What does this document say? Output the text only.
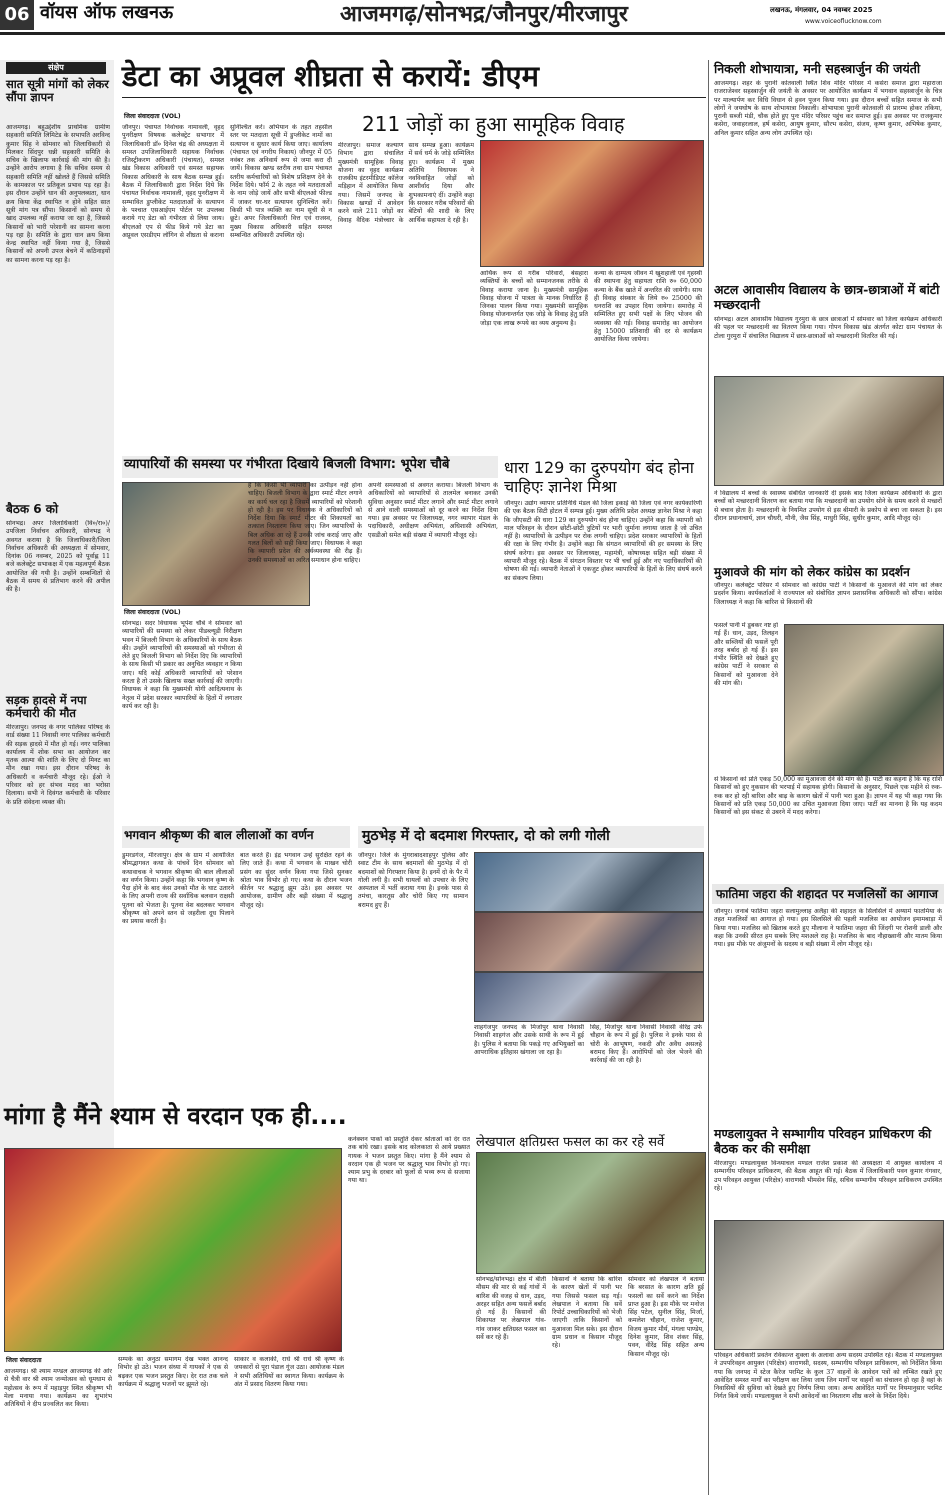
06 वॉयस ऑफ लखनऊ	आजमगढ़/सोनभद्र/जौनपुर/मीरजापुर	लखनऊ, मंगलवार, 04 नवम्बर 2025
www.voiceoflucknow.com
संक्षेप
सात सूत्री मांगों को लेकर सौंपा ज्ञापन
आजमगढ़। बहुउद्देशीय प्राथमिक ग्रामीण सहकारी समिति लिमिटेड के सभापति अरविन्द कुमार सिंह ने सोमवार को जिलाधिकारी से मिलकर सिंदपुर धन्नी सहकारी समिति के सचिव के खिलाफ कार्रवाई की मांग की है। उन्होंने आरोप लगाया है कि सचिव समय से सहकारी समिति नहीं खोलते हैं जिससे समिति के कामकाज पर प्रतिकूल प्रभाव पड़ रहा है। इस दौरान उन्होंने धान की अनुपलब्धता, धान क्रय किया केंद्र स्थापित न होने सहित सात सूत्री मांग पत्र सौंपा। किसानों को समय से खाद उपलब्ध नहीं कराया जा रहा है, जिससे किसानों को भारी परेशानी का सामना करना पड़ रहा है। समिति के द्वारा धान क्रय किया केन्द्र स्थापित नहीं किया गया है, जिससे किसानों को अपनी उपज बेचने में कठिनाइयों का सामना करना पड़ रहा है।
बैठक 6 को
सोनभद्र। अपर जिलाधिकारी (वि०/रा०)/उपजिला निर्वाचन अधिकारी, सोनभद्र ने अवगत कराया है कि जिलाधिकारी/जिला निर्वाचन अधिकारी की अध्यक्षता में सोमवार, दिनांक 06 नवम्बर, 2025 को पूर्वाह्न 11 बजे कलेक्ट्रेट सभाकक्ष में एक महत्वपूर्ण बैठक आयोजित की गयी है। उन्होंने सम्बन्धितों से बैठक में समय से प्रतिभाग करने की अपील की है।
सड़क हादसे में नपा कर्मचारी की मौत
मीरजापुर। जनपद के नगर पालिका परिषद के वार्ड संख्या 11 निवासी नगर पालिका कर्मचारी की सड़क हादसे में मौत हो गई। नगर पालिका कार्यालय में शोक सभा का आयोजन कर मृतक आत्मा की शांति के लिए दो मिनट का मौन रखा गया। इस दौरान परिषद के अधिकारी व कर्मचारी मौजूद रहे। ईओ ने परिवार को हर संभव मदद का भरोसा दिलाया। सभी ने दिवंगत कर्मचारी के परिवार के प्रति संवेदना व्यक्त की।
डेटा का अप्रूवल शीघ्रता से करायें: डीएम
जिला संवाददाता (VOL)
जौनपुर। पंचायत निर्वाचक नामावली, वृहद पुनरीक्षण विषयक कलेक्ट्रेट सभागार में जिलाधिकारी डॉ० दिनेश चंद्र की अध्यक्षता में समस्त उपजिलाधिकारी सहायक निर्वाचक रजिस्ट्रीकरण अधिकारी (पंचायत), समस्त खंड विकास अधिकारी एवं समस्त सहायक विकास अधिकारी के साथ बैठक सम्पन्न हुई। बैठक में जिलाधिकारी द्वारा निर्देश दिये कि पंचायत निर्वाचक नामावली, वृहद पुनरीक्षण में सम्भावित डुप्लीकेट मतदाताओं के सत्यापन के पश्चात एसआईएम पोर्टल पर उपलब्ध कराये गए डेटा को गंभीरता से लिया जाय। बीएलओ एप से फीड किये गये डेटा का अप्रूवल एसडीएम लॉगिन से शीघ्रता से कराना सुनिश्चित करें। अभियान के तहत तहसील स्तर पर मतदाता सूची में डुप्लीकेट नामों का सत्यापन व सुधार कार्य किया जाए। कार्यालय (पंचायत एवं नगरीय निकाय) जौनपुर में 05 नवंबर तक अनिवार्य रूप से जमा करा दी जायें। विकास खण्ड स्तरीय तथा ग्राम पंचायत स्तरीय कर्मचारियों को विशेष प्रशिक्षण देने के निर्देश दिये। फॉर्म 2 के तहत नये मतदाताओं के नाम जोड़े जायें और सभी बीएलओ फील्ड में जाकर घर-घर सत्यापन सुनिश्चित करें। किसी भी पात्र व्यक्ति का नाम सूची से न छूटे। अपर जिलाधिकारी वित्त एवं राजस्व, मुख्य विकास अधिकारी सहित समस्त सम्बन्धित अधिकारी उपस्थित रहे।
211 जोड़ों का हुआ सामूहिक विवाह
मीरजापुर। समाज कल्याण विभाग द्वारा संचालित मुख्यमंत्री सामूहिक विवाह योजना का वृहद कार्यक्रम राजकीय इंटरमीडिएट कॉलेज मड़िहान में आयोजित किया गया। जिसमें जनपद के विकास खण्डों में आवेदन करने वाले 211 जोड़ों का विवाह वैदिक मंत्रोच्चार के साथ सम्पन्न हुआ। कार्यक्रम में सर्व धर्म के जोड़े सम्मिलित हुए। कार्यक्रम में मुख्य अतिथि विधायक ने नवविवाहित जोड़ों को आशीर्वाद दिया और शुभकामनाएं दीं। उन्होंने कहा कि सरकार गरीब परिवारों की बेटियों की शादी के लिए आर्थिक सहायता दे रही है।
आर्थिक रूप से गरीब परिवारों, बेसहारा व्यक्तियों के बच्चों को सम्मानजनक तरीके से विवाह कराया जाना है। मुख्यमंत्री सामूहिक विवाह योजना में पात्रता के मानक निर्धारित हैं जिनका पालन किया गया। मुख्यमंत्री सामूहिक विवाह योजनान्तर्गत एक जोड़े के विवाह हेतु प्रति जोड़ा एक लाख रूपये का व्यय अनुमन्य है।
कन्या के दाम्पत्य जीवन में खुशहाली एवं गृहस्थी की स्थापना हेतु सहायता राशि रु० 60,000 कन्या के बैंक खाते में अन्तरित की जायेगी। साथ ही विवाह संस्कार के लिये रु० 25000 की धनराशि का उपहार दिया जायेगा। समारोह में सम्मिलित हुए सभी पक्षों के लिए भोजन की व्यवस्था की गई। विवाह समारोह का आयोजन हेतु 15000 प्रतिशादी की दर से कार्यक्रम आयोजित किया जायेगा।
निकली शोभायात्रा, मनी सहस्त्रार्जुन की जयंती
आजमगढ़। शहर के पुरानी कोतवाली स्थित शिव मंदिर परिसर में कसेरा समाज द्वारा महाराजा राजराजेश्वर सहस्त्रार्जुन की जयंती के अवसर पर आयोजित कार्यक्रम में भगवान सहस्त्रार्जुन के चित्र पर माल्यार्पण कर विधि विधान से हवन पूजन किया गया। इस दौरान बच्चों सहित समाज के सभी लोगों ने जयघोष के साथ शोभायात्रा निकाली। शोभायात्रा पुरानी कोतवाली से प्रारम्भ होकर तकिया, पुरानी सब्जी मंडी, चौक होते हुए पुनः मंदिर परिसर पहुंच कर समाप्त हुई। इस अवसर पर राजकुमार कसेरा, जवाहरलाल, हर्ष कसेरा, आयुष कुमार, सौरभ कसेरा, संजय, कृष्ण कुमार, अभिषेक कुमार, अनिल कुमार सहित अन्य लोग उपस्थित रहे।
अटल आवासीय विद्यालय के छात्र-छात्राओं में बांटी मच्छरदानी
सोनभद्र। अटल आवासीय विद्यालय गुरमुरा के छात्र छात्राओं में सोमवार को जिला कार्यक्रम अधिकारी की पहल पर मच्छरदानी का वितरण किया गया। गोपन विकास खंड अंतर्गत कोटा ग्राम पंचायत के टोला गुरमुरा में संचालित विद्यालय में छात्र-छात्राओं को मच्छरदानी वितरित की गई।
ने विद्यालय में बच्चों के स्वास्थ्य संबंधित जानकारी दी इसके बाद जिला कार्यक्रम अधिकारी के द्वारा बच्चों को मच्छरदानी वितरण कर बताया गया कि मच्छरदानी का उपयोग सोने के समय करने से मच्छरों से बचाव होता है। मच्छरदानी के नियमित उपयोग से इस बीमारी के प्रकोप से बचा जा सकता है। इस दौरान प्रधानाचार्य, ज्ञान चौधरी, मौनी, जैस सिंह, माधुरी सिंह, सुधीर कुमार, आदि मौजूद रहे।
मुआवजे की मांग को लेकर कांग्रेस का प्रदर्शन
जौनपुर। कलेक्ट्रेट परिसर में सोमवार को कांग्रेस पार्टी ने किसानों के मुआवजे की मांग को लेकर प्रदर्शन किया। कार्यकर्ताओं ने राज्यपाल को संबोधित ज्ञापन प्रशासनिक अधिकारी को सौंपा। कांग्रेस जिलाध्यक्ष ने कहा कि बारिश से किसानों की
फसलें पानी में डूबकर नष्ट हो गई हैं। धान, उड़द, तिलहन और सब्जियों की फसलें पूरी तरह बर्बाद हो गई हैं। इस गंभीर स्थिति को देखते हुए कांग्रेस पार्टी ने सरकार से किसानों को मुआवजा देने की मांग की।
से किसानों को प्रति एकड़ 50,000 का मुआवजा देने की मांग की है। पार्टी का कहना है कि यह राशि किसानों को हुए नुकसान की भरपाई में सहायक होगी। किसानों के अनुसार, पिछले एक महीने से रुक-रुक कर हो रही बारिश और बाढ़ के कारण खेतों में पानी भरा हुआ है। ज्ञापन में यह भी कहा गया कि किसानों को प्रति एकड़ 50,000 का उचित मुआवजा दिया जाए। पार्टी का मानना है कि यह कदम किसानों को इस संकट से उबरने में मदद करेगा।
फातिमा जहरा की शहादत पर मजलिसों का आगाज
जौनपुर। जनाबे फातिमा जहरा सलामुल्लाह अलैहा की शहादत के सिलसिले में अय्यामे फातमिया के तहत मजलिसों का आगाज हो गया। इस सिलसिले की पहली मजलिस का आयोजन इमामबाड़ा में किया गया। मजलिस को खिताब करते हुए मौलाना ने फातिमा जहरा की जिंदगी पर रोशनी डाली और कहा कि उनकी सीरत हम सबके लिए मशअले राह है। मजलिस के बाद नौहाख्वानी और मातम किया गया। इस मौके पर अंजुमनों के सदस्य व बड़ी संख्या में लोग मौजूद रहे।
मण्डलायुक्त ने सम्भागीय परिवहन प्राधिकरण की बैठक कर की समीक्षा
मीरजापुर। मण्डलायुक्त विन्ध्याचल मण्डल राजेश प्रकाश की अध्यक्षता में आयुक्त कार्यालय में सम्भागीय परिवहन प्राधिकरण, की बैठक आहूत की गई। बैठक में जिलाधिकारी पवन कुमार गंगवार, उप परिवहन आयुक्त (परिक्षेत्र) वाराणसी भीमसेन सिंह, सचिव सम्भागीय परिवहन प्राधिकरण उपस्थित रहे।
परिवहन अधिकारी प्रवर्तन रविकान्त शुक्ला के अलावा अन्य सदस्य उपस्थित रहे। बैठक में मण्डलायुक्त ने उपपरिवहन आयुक्त (परिक्षेत्र) वाराणसी, सदस्य, सम्भागीय परिवहन प्राधिकरण, को निर्देशित किया गया कि जनपद में स्टेज कैरेज परमिट के कुल 37 वाहनों के आवेदन पत्रों को लम्बित रखते हुए आवेदित समस्त मार्गों का परीक्षण कर लिया जाय जिन मार्गों पर वाहनों का संचालन हो रहा है वहां के निवासियों की सुविधा को देखते हुए निर्णय लिया जाय। अन्य आवेदित मार्गों पर नियमानुसार परमिट निर्गत किये जायें। मण्डलायुक्त ने सभी आवेदनों का निस्तारण शीघ्र करने के निर्देश दिये।
व्यापारियों की समस्या पर गंभीरता दिखाये बिजली विभाग: भूपेश चौबे
जिला संवाददाता (VOL)
सोनभद्र। सदर विधायक भूपेश चौबे ने सोमवार को व्यापारियों की समस्या को लेकर पीडब्ल्यूडी निरीक्षण भवन में बिजली विभाग के अधिकारियों के साथ बैठक की। उन्होंने व्यापारियों की समस्याओं को गंभीरता से लेते हुए बिजली विभाग को निर्देश दिए कि व्यापारियों के साथ किसी भी प्रकार का अनुचित व्यवहार न किया जाए। यदि कोई अधिकारी व्यापारियों को परेशान करता है तो उसके खिलाफ सख्त कार्रवाई की जाएगी। विधायक ने कहा कि मुख्यमंत्री योगी आदित्यनाथ के नेतृत्व में प्रदेश सरकार व्यापारियों के हितों में लगातार कार्य कर रही है।
है कि किसी भी व्यापारी का उत्पीड़न नहीं होना चाहिए। बिजली विभाग के द्वारा स्मार्ट मीटर लगाने का कार्य चल रहा है जिसमें व्यापारियों को परेशानी हो रही है। इस पर विधायक ने अधिकारियों को निर्देश दिया कि स्मार्ट मीटर की शिकायतों का तत्काल निस्तारण किया जाए। जिन व्यापारियों के बिल अधिक आ रहे हैं उनकी जांच कराई जाए और गलत बिलों को सही किया जाए। विधायक ने कहा कि व्यापारी प्रदेश की अर्थव्यवस्था की रीढ़ हैं। उनकी समस्याओं का त्वरित समाधान होना चाहिए।
अपनी समस्याओं से अवगत कराया। बिजली विभाग के अधिकारियों को व्यापारियों से तालमेल बनाकर उनकी सुविधा अनुसार स्मार्ट मीटर लगाने और स्मार्ट मीटर लगाने से आने वाली समस्याओं को दूर करने का निर्देश दिया गया। इस अवसर पर जिलाध्यक्ष, नगर व्यापार मंडल के पदाधिकारी, अधीक्षण अभियंता, अधिशासी अभियंता, एसडीओ समेत बड़ी संख्या में व्यापारी मौजूद रहे।
धारा 129 का दुरुपयोग बंद होना चाहिएः ज्ञानेश मिश्रा
जौनपुर। उद्योग व्यापार प्रतिनिधि मंडल की जिला इकाई की जिला एवं नगर कार्यकारिणी की एक बैठक सिटी होटल में सम्पन्न हुई। मुख्य अतिथि प्रदेश अध्यक्ष ज्ञानेश मिश्रा ने कहा कि जीएसटी की धारा 129 का दुरुपयोग बंद होना चाहिए। उन्होंने कहा कि व्यापारी को माल परिवहन के दौरान छोटी-छोटी त्रुटियों पर भारी जुर्माना लगाया जाता है जो उचित नहीं है। व्यापारियों के उत्पीड़न पर रोक लगनी चाहिए। प्रदेश सरकार व्यापारियों के हितों की रक्षा के लिए गंभीर है। उन्होंने कहा कि संगठन व्यापारियों की हर समस्या के लिए संघर्ष करेगा। इस अवसर पर जिलाध्यक्ष, महामंत्री, कोषाध्यक्ष सहित बड़ी संख्या में व्यापारी मौजूद रहे। बैठक में संगठन विस्तार पर भी चर्चा हुई और नए पदाधिकारियों की घोषणा की गई। व्यापारी नेताओं ने एकजुट होकर व्यापारियों के हितों के लिए संघर्ष करने का संकल्प लिया।
भगवान श्रीकृष्ण की बाल लीलाओं का वर्णन
डुमरडगंज, मीरजापुर। क्षेत्र के ग्राम में आयोजित श्रीमद्भागवत कथा के पांचवें दिन सोमवार को कथावाचक ने भगवान श्रीकृष्ण की बाल लीलाओं का वर्णन किया। उन्होंने कहा कि भगवान कृष्ण के पैदा होने के बाद कंस उनको मौत के घाट उतारने के लिए अपनी राज्य की सर्वाधिक बलवान राक्षसी पूतना को भेजता है। पूतना वेश बदलकर भगवान श्रीकृष्ण को अपने स्तन से जहरीला दूध पिलाने का प्रयास करती है।
बात करते हैं। इंद्र भगवान उन्हें सुरक्षित रहने के लिए जाते हैं। कथा में भगवान के माखन चोरी प्रसंग का सुंदर वर्णन किया गया जिसे सुनकर श्रोता भाव विभोर हो गए। कथा के दौरान भजन कीर्तन पर श्रद्धालु झूम उठे। इस अवसर पर आयोजक, ग्रामीण और बड़ी संख्या में श्रद्धालु मौजूद रहे।
मुठभेड़ में दो बदमाश गिरफ्तार, दो को लगी गोली
जौनपुर। जिले के मुंगराबादशाहपुर पुलिस और स्वाट टीम के साथ बदमाशों की मुठभेड़ में दो बदमाशों को गिरफ्तार किया है। इनमें दो के पैर में गोली लगी है। सभी घायलों को उपचार के लिए अस्पताल में भर्ती कराया गया है। इनके पास से तमंचा, कारतूस और चोरी किए गए सामान बरामद हुए हैं।
शाहगंजपुर जनपद के मिर्जापुर थाना निवासी निवासी शाहगंज और उसके साथी के रूप में हुई है। पुलिस ने बताया कि पकड़े गए अभियुक्तों का आपराधिक इतिहास खंगाला जा रहा है।
सिंह, मिर्जापुर थाना निवासी निवासी वीरेंद्र उर्फ चौहान के रूप में हुई है। पुलिस ने इनके पास से चोरी के आभूषण, नकदी और अवैध असलहे बरामद किए हैं। आरोपियों को जेल भेजने की कार्रवाई की जा रही है।
मांगा है मैंने श्याम से वरदान एक ही....
जिला संवाददाता
आजमगढ़। श्री श्याम मण्डल आजमगढ़ की ओर से चैत्री वार श्री श्याम जन्मोत्सव को धूमधाम से महोत्सव के रूप में महाड़पुर स्थित श्रीकृष्ण भी मेला मनाया गया। कार्यक्रम का शुभारंभ अतिथियों ने दीप प्रज्वलित कर किया।
सम्पर्क का अनुठा समागम देख भक्त आनन्द विभोर हो उठे। भजन संध्या में गायकों ने एक से बढ़कर एक भजन प्रस्तुत किए। देर रात तक चले कार्यक्रम में श्रद्धालु भजनों पर झूमते रहे।
साकार व कलाकी, राधे श्री राधे श्री कृष्ण के जयकारों से पूरा पंडाल गूंज उठा। आयोजक मंडल ने सभी अतिथियों का स्वागत किया। कार्यक्रम के अंत में प्रसाद वितरण किया गया।
कनेक्शन पार्को को प्रस्तुति देकर श्रोताओं को देर रात तक बांधे रखा। इसके बाद कोलकाता से आये प्रख्यात गायक ने भजन प्रस्तुत किए। मांगा है मैंने श्याम से वरदान एक ही भजन पर श्रद्धालु भाव विभोर हो गए। श्याम प्रभु के दरबार को फूलों से भव्य रूप से सजाया गया था।
लेखपाल क्षतिग्रस्त फसल का कर रहे सर्वे
सोनभद्र/सोनभद्र। क्षेत्र में बीती मौसम की मार से कई गांवों में बारिश की वजह से धान, उड़द, अरहर सहित अन्य फसलें बर्बाद हो गई हैं। किसानों की शिकायत पर लेखपाल गांव-गांव जाकर क्षतिग्रस्त फसल का सर्वे कर रहे हैं।
किसानों ने बताया कि बारिश के कारण खेतों में पानी भर गया जिससे फसल सड़ गई। लेखपाल ने बताया कि सर्वे रिपोर्ट उच्चाधिकारियों को भेजी जाएगी ताकि किसानों को मुआवजा मिल सके। इस दौरान ग्राम प्रधान व किसान मौजूद रहे।
सोमवार को लेखपाल ने बताया कि बरसात के कारण क्षति हुई फसलों का सर्वे करने का निर्देश प्राप्त हुआ है। इस मौके पर मनोज सिंह पटेल, सुनील सिंह, मिर्जा, कमलेश चौहान, राजेश कुमार, विजय कुमार मौर्य, मंगला पाण्डेय, दिनेश कुमार, शिव शंकर सिंह, पवन, वीरेंद्र सिंह सहित अन्य किसान मौजूद रहे।
